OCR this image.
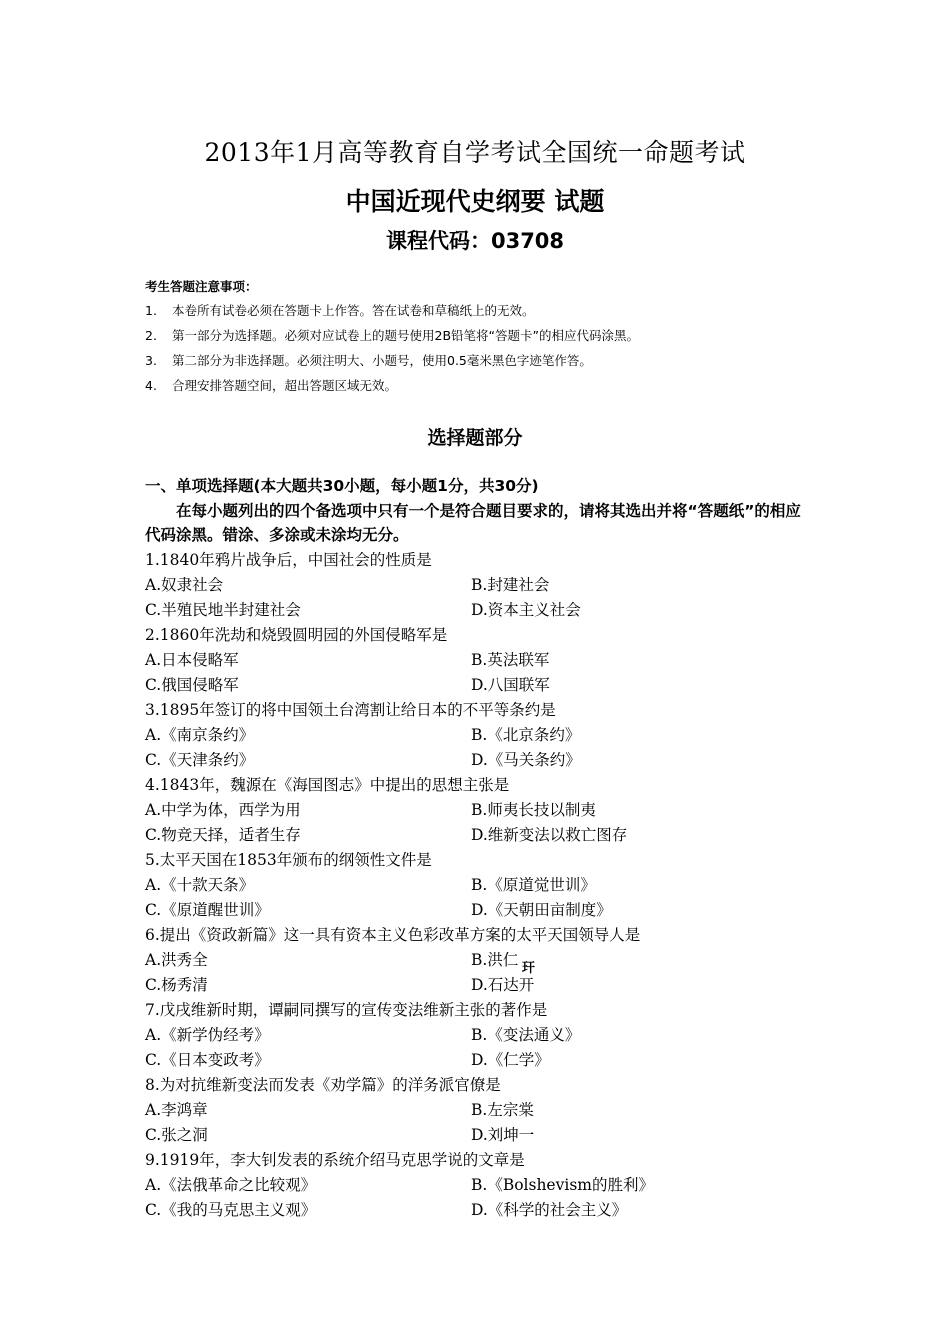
2013年1月高等教育自学考试全国统一命题考试
中国近现代史纲要 试题
课程代码：03708
考生答题注意事项：
1.	本卷所有试卷必须在答题卡上作答。答在试卷和草稿纸上的无效。
2.	第一部分为选择题。必须对应试卷上的题号使用2B铅笔将“答题卡”的相应代码涂黑。
3.	第二部分为非选择题。必须注明大、小题号，使用0.5毫米黑色字迹笔作答。
4.	合理安排答题空间，超出答题区域无效。
选择题部分
一、单项选择题(本大题共30小题，每小题1分，共30分)
在每小题列出的四个备选项中只有一个是符合题目要求的，请将其选出并将“答题纸”的相应代码涂黑。错涂、多涂或未涂均无分。
1.1840年鸦片战争后，中国社会的性质是
A.奴隶社会	B.封建社会
C.半殖民地半封建社会	D.资本主义社会
2.1860年洗劫和烧毁圆明园的外国侵略军是
A.日本侵略军	B.英法联军
C.俄国侵略军	D.八国联军
3.1895年签订的将中国领土台湾割让给日本的不平等条约是
A.《南京条约》	B.《北京条约》
C.《天津条约》	D.《马关条约》
4.1843年，魏源在《海国图志》中提出的思想主张是
A.中学为体，西学为用	B.师夷长技以制夷
C.物竞天择，适者生存	D.维新变法以救亡图存
5.太平天国在1853年颁布的纲领性文件是
A.《十款天条》	B.《原道觉世训》
C.《原道醒世训》	D.《天朝田亩制度》
6.提出《资政新篇》这一具有资本主义色彩改革方案的太平天国领导人是
A.洪秀全	B.洪仁
C.杨秀清	D.石达开
7.戊戌维新时期，谭嗣同撰写的宣传变法维新主张的著作是
A.《新学伪经考》	B.《变法通义》
C.《日本变政考》	D.《仁学》
8.为对抗维新变法而发表《劝学篇》的洋务派官僚是
A.李鸿章	B.左宗棠
C.张之洞	D.刘坤一
9.1919年，李大钊发表的系统介绍马克思学说的文章是
A.《法俄革命之比较观》	B.《Bolshevism的胜利》
C.《我的马克思主义观》	D.《科学的社会主义》
玕
